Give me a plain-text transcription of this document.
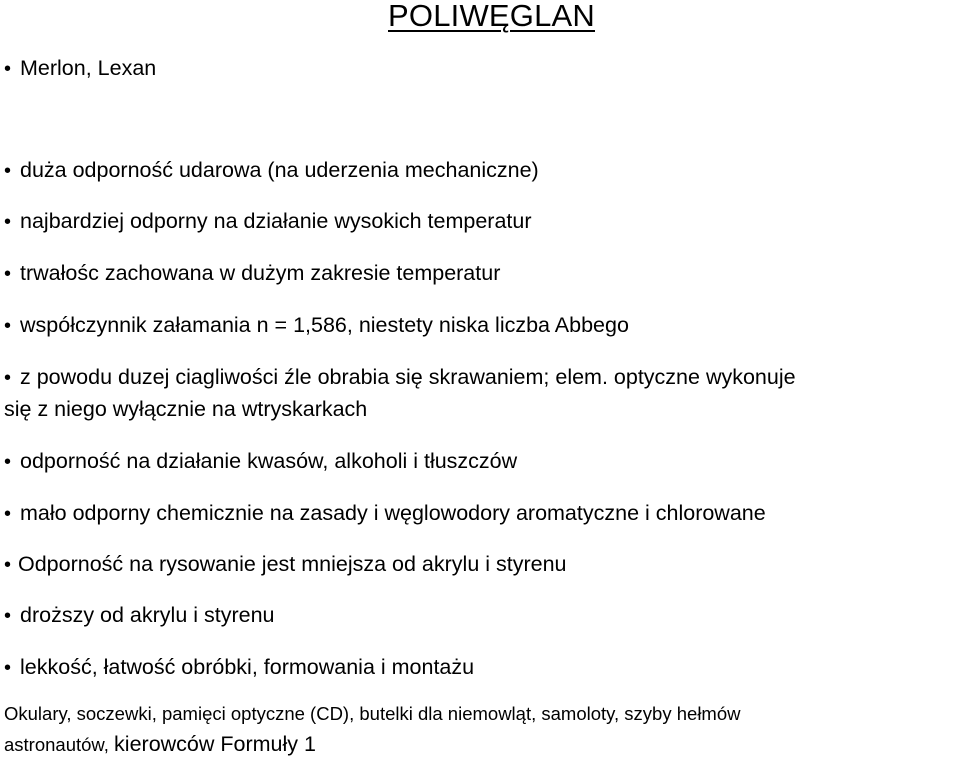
POLIWĘGLAN
• Merlon, Lexan
• duża odporność udarowa (na uderzenia mechaniczne)
• najbardziej odporny na działanie wysokich temperatur
• trwałośc zachowana w dużym zakresie temperatur
• współczynnik załamania n = 1,586, niestety niska liczba Abbego
• z powodu duzej ciagliwości źle obrabia się skrawaniem; elem. optyczne wykonuje
się z niego wyłącznie na wtryskarkach
• odporność na działanie kwasów, alkoholi i tłuszczów
• mało odporny chemicznie na zasady i węglowodory aromatyczne i chlorowane
• Odporność na rysowanie jest mniejsza od akrylu i styrenu
• droższy od akrylu i styrenu
• lekkość, łatwość obróbki, formowania i montażu
Okulary, soczewki, pamięci optyczne (CD), butelki dla niemowląt, samoloty, szyby hełmów
astronautów, kierowców Formuły 1
